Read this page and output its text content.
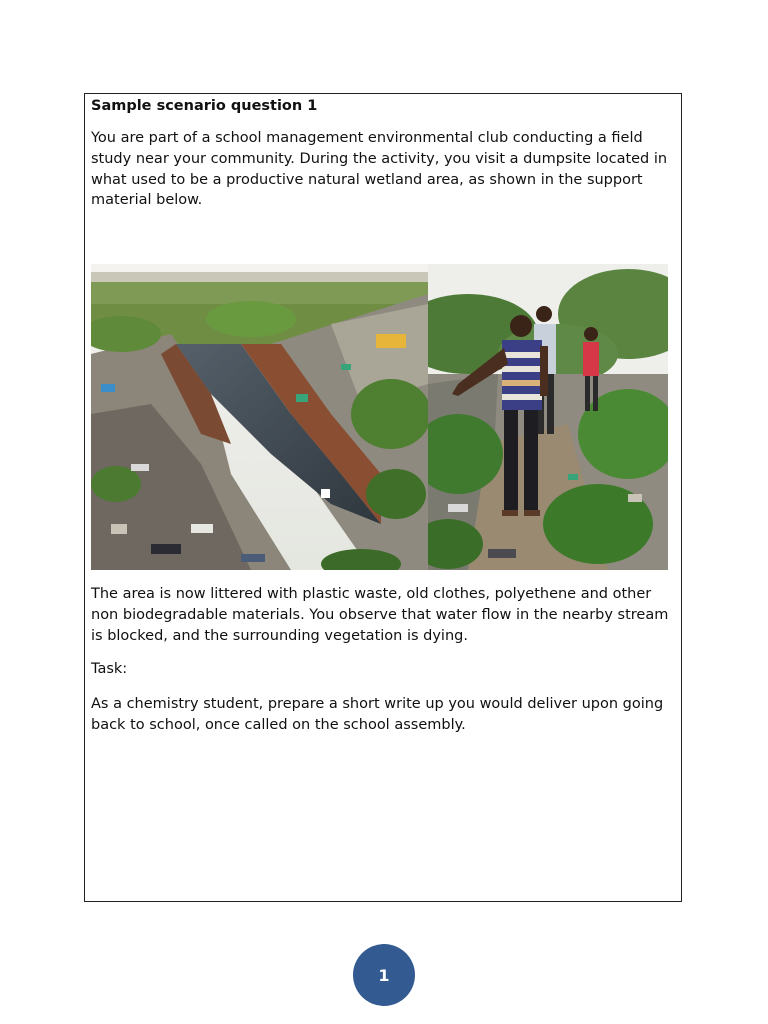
Sample scenario question 1

You are part of a school management environmental club conducting a field study near your community. During the activity, you visit a dumpsite located in what used to be a productive natural wetland area, as shown in the support material below.

The area is now littered with plastic waste, old clothes, polyethene and other non biodegradable materials. You observe that water flow in the nearby stream is blocked, and the surrounding vegetation is dying.

Task:

As a chemistry student, prepare a short write up you would deliver upon going back to school, once called on the school assembly.

1
